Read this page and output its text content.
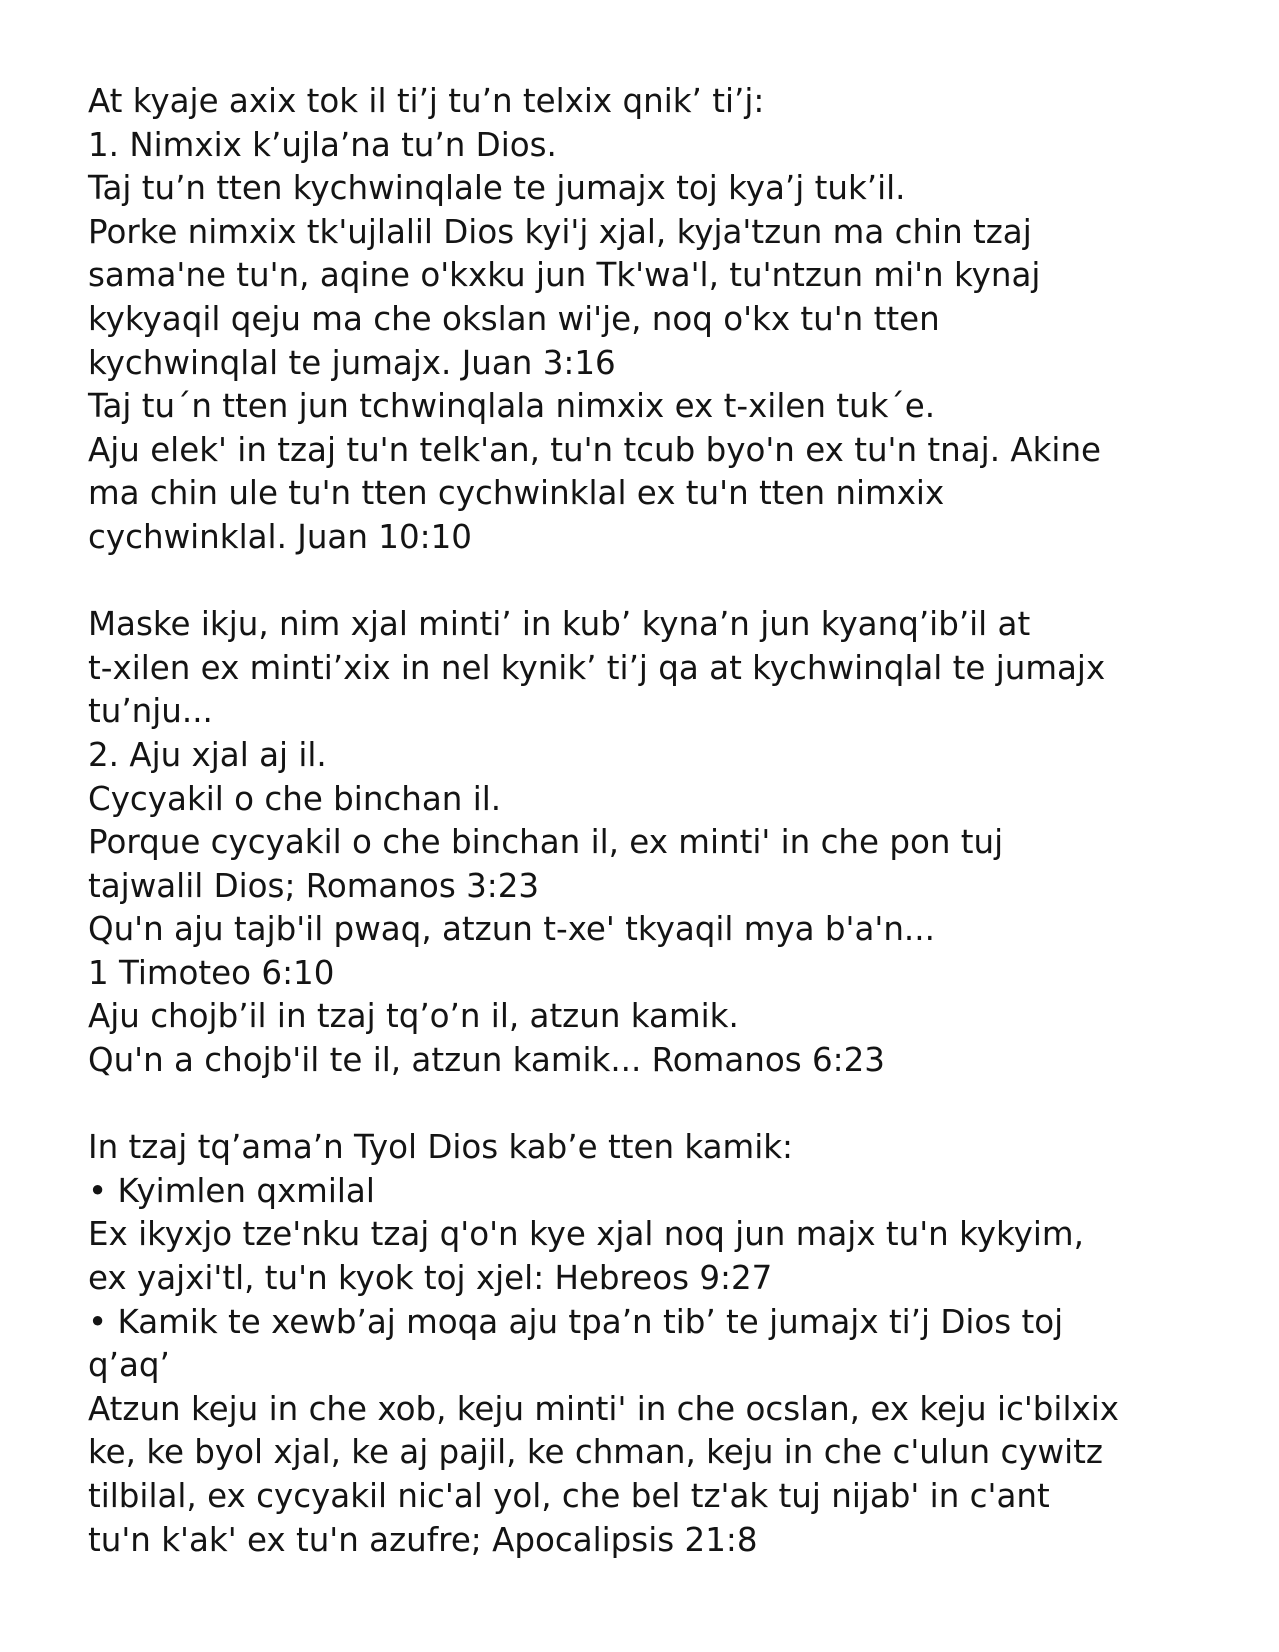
At kyaje axix tok il ti’j tu’n telxix qnik’ ti’j:
1. Nimxix k’ujla’na tu’n Dios.
Taj tu’n tten kychwinqlale te jumajx toj kya’j tuk’il.
Porke nimxix tk'ujlalil Dios kyi'j xjal, kyja'tzun ma chin tzaj
sama'ne tu'n, aqine o'kxku jun Tk'wa'l, tu'ntzun mi'n kynaj
kykyaqil qeju ma che okslan wi'je, noq o'kx tu'n tten
kychwinqlal te jumajx. Juan 3:16
Taj tu´n tten jun tchwinqlala nimxix ex t-xilen tuk´e.
Aju elek' in tzaj tu'n telk'an, tu'n tcub byo'n ex tu'n tnaj. Akine
ma chin ule tu'n tten cychwinklal ex tu'n tten nimxix
cychwinklal. Juan 10:10
Maske ikju, nim xjal minti’ in kub’ kyna’n jun kyanq’ib’il at
t-xilen ex minti’xix in nel kynik’ ti’j qa at kychwinqlal te jumajx
tu’nju...
2. Aju xjal aj il.
Cycyakil o che binchan il.
Porque cycyakil o che binchan il, ex minti' in che pon tuj
tajwalil Dios; Romanos 3:23
Qu'n aju tajb'il pwaq, atzun t-xe' tkyaqil mya b'a'n...
1 Timoteo 6:10
Aju chojb’il in tzaj tq’o’n il, atzun kamik.
Qu'n a chojb'il te il, atzun kamik... Romanos 6:23
In tzaj tq’ama’n Tyol Dios kab’e tten kamik:
• Kyimlen qxmilal
Ex ikyxjo tze'nku tzaj q'o'n kye xjal noq jun majx tu'n kykyim,
ex yajxi'tl, tu'n kyok toj xjel: Hebreos 9:27
• Kamik te xewb’aj moqa aju tpa’n tib’ te jumajx ti’j Dios toj
q’aq’
Atzun keju in che xob, keju minti' in che ocslan, ex keju ic'bilxix
ke, ke byol xjal, ke aj pajil, ke chman, keju in che c'ulun cywitz
tilbilal, ex cycyakil nic'al yol, che bel tz'ak tuj nijab' in c'ant
tu'n k'ak' ex tu'n azufre; Apocalipsis 21:8
